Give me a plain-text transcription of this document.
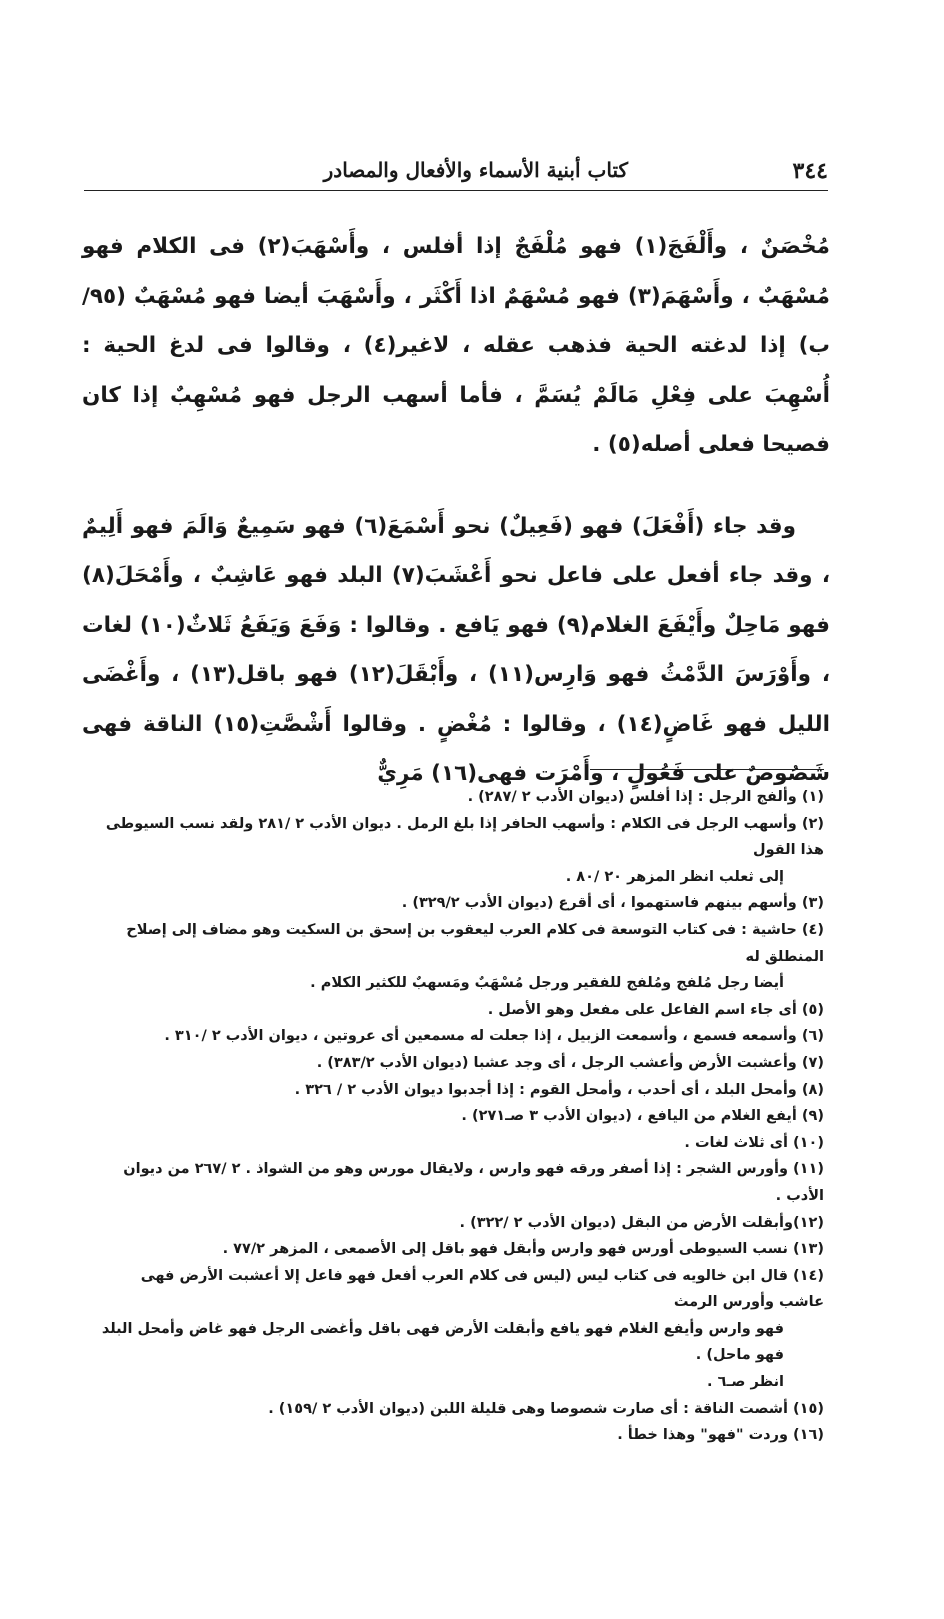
٣٤٤
كتاب أبنية الأسماء والأفعال والمصادر

مُخْصَنٌ ، وأَلْفَجَ(١) فهو مُلْفَجٌ إذا أفلس ، وأَسْهَبَ(٢) فى الكلام فهو مُسْهَبٌ ، وأَسْهَمَ(٣) فهو مُسْهَمٌ اذا أَكْثَر ، وأَسْهَبَ أيضا فهو مُسْهَبٌ (٩٥/ب) إذا لدغته الحية فذهب عقله ، لاغير(٤) ، وقالوا فى لدغ الحية : أُسْهِبَ على فِعْلِ مَالَمْ يُسَمَّ ، فأما أسهب الرجل فهو مُسْهِبٌ إذا كان فصيحا فعلى أصله(٥) .

وقد جاء (أَفْعَلَ) فهو (فَعِيلٌ) نحو أَسْمَعَ(٦) فهو سَمِيعٌ وَالَمَ فهو أَلِيمٌ ، وقد جاء أفعل على فاعل نحو أَعْشَبَ(٧) البلد فهو عَاشِبٌ ، وأَمْحَلَ(٨) فهو مَاحِلٌ وأَيْفَعَ الغلام(٩) فهو يَافع . وقالوا : وَفَعَ وَيَفَعُ ثَلاثٌ(١٠) لغات ، وأَوْرَسَ الدَّمْثُ فهو وَارِس(١١) ، وأَبْقَلَ(١٢) فهو باقل(١٣) ، وأَغْضَى الليل فهو غَاضٍ(١٤) ، وقالوا : مُغْضٍ . وقالوا أَشْصَّتِ(١٥) الناقة فهى شَصُوصٌ على فَعُولٍ ، وأَمْرَت فهى(١٦) مَرِيٌّ

(١) وألفج الرجل : إذا أفلس (ديوان الأدب ٢ /٢٨٧) .

(٢) وأسهب الرجل فى الكلام : وأسهب الحافر إذا بلغ الرمل . ديوان الأدب ٢ /٢٨١ ولقد نسب السيوطى هذا القول

إلى ثعلب انظر المزهر ٢٠ /٨٠ .

(٣) وأسهم بينهم فاستهموا ، أى أقرع (ديوان الأدب ٣٢٩/٢) .

(٤) حاشية : فى كتاب التوسعة فى كلام العرب ليعقوب بن إسحق بن السكيت وهو مضاف إلى إصلاح المنطلق له

أيضا رجل مُلفج ومُلفج للفقير ورجل مُسْهَبٌ ومَسهبٌ للكثير الكلام .

(٥) أى جاء اسم الفاعل على مفعل وهو الأصل .

(٦) وأسمعه فسمع ، وأسمعت الزبيل ، إذا جعلت له مسمعين أى عروتين ، ديوان الأدب ٢ /٣١٠ .

(٧) وأعشبت الأرض وأعشب الرجل ، أى وجد عشبا (ديوان الأدب ٣٨٣/٢) .

(٨) وأمحل البلد ، أى أحدب ، وأمحل القوم : إذا أجدبوا ديوان الأدب ٢ / ٣٢٦ .

(٩) أيفع الغلام من اليافع ، (ديوان الأدب ٣ صـ٢٧١) .

(١٠) أى ثلاث لغات .

(١١) وأورس الشجر : إذا أصفر ورقه فهو وارس ، ولايقال مورس وهو من الشواذ . ٢ /٢٦٧ من ديوان الأدب .

(١٢)وأبقلت الأرض من البقل (ديوان الأدب ٢ /٣٢٢) .

(١٣) نسب السيوطى أورس فهو وارس وأبقل فهو باقل إلى الأصمعى ، المزهر ٧٧/٢ .

(١٤) قال ابن خالويه فى كتاب ليس (ليس فى كلام العرب أفعل فهو فاعل إلا أعشبت الأرض فهى عاشب وأورس الرمث

فهو وارس وأيفع الغلام فهو يافع وأبقلت الأرض فهى باقل وأغضى الرجل فهو غاض وأمحل البلد فهو ماحل) .

انظر صـ٦ .

(١٥) أشصت الناقة : أى صارت شصوصا وهى قليلة اللبن (ديوان الأدب ٢ /١٥٩) .

(١٦) وردت "فهو" وهذا خطأ .
